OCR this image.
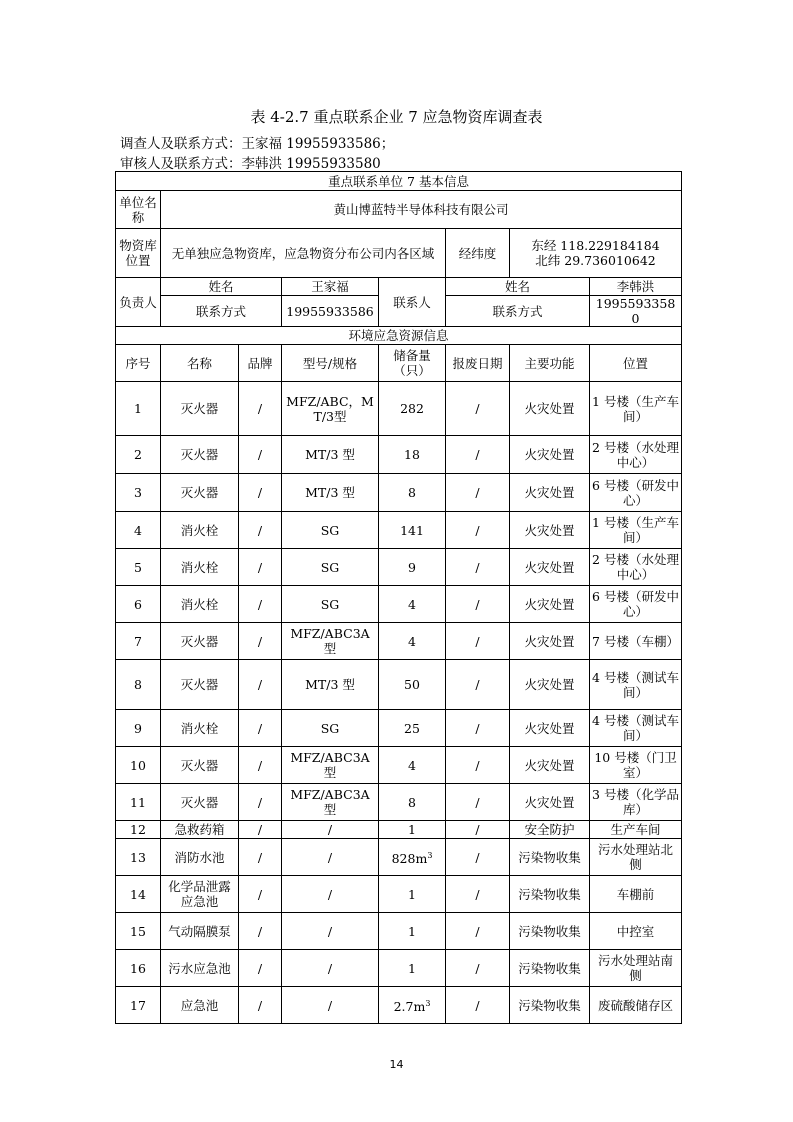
表 4-2.7 重点联系企业 7 应急物资库调查表
调查人及联系方式：王家福 19955933586；
审核人及联系方式：李韩洪 19955933580
重点联系单位 7 基本信息							
单位名称	黄山博蓝特半导体科技有限公司						
物资库位置	无单独应急物资库，应急物资分布公司内各区域				经纬度	东经 118.229184184
北纬 29.736010642	

负责人	姓名		王家福	联系人	姓名		李韩洪
	联系方式		19955933586		联系方式		19955933580
环境应急资源信息							
序号	名称	品牌	型号/规格	储备量（只）	报废日期	主要功能	位置
1	灭火器	/	MFZ/ABC，MT/3型	282	/	火灾处置	1 号楼（生产车间）
2	灭火器	/	MT/3 型	18	/	火灾处置	2 号楼（水处理中心）
3	灭火器	/	MT/3 型	8	/	火灾处置	6 号楼（研发中心）
4	消火栓	/	SG	141	/	火灾处置	1 号楼（生产车间）
5	消火栓	/	SG	9	/	火灾处置	2 号楼（水处理中心）
6	消火栓	/	SG	4	/	火灾处置	6 号楼（研发中心）
7	灭火器	/	MFZ/ABC3A 型	4	/	火灾处置	7 号楼（车棚）
8	灭火器	/	MT/3 型	50	/	火灾处置	4 号楼（测试车间）
9	消火栓	/	SG	25	/	火灾处置	4 号楼（测试车间）
10	灭火器	/	MFZ/ABC3A 型	4	/	火灾处置	10 号楼（门卫室）
11	灭火器	/	MFZ/ABC3A 型	8	/	火灾处置	3 号楼（化学品库）
12	急救药箱	/	/	1	/	安全防护	生产车间
13	消防水池	/	/	$828m^3$	/	污染物收集	污水处理站北侧
14	化学品泄露应急池	/	/	1	/	污染物收集	车棚前
15	气动隔膜泵	/	/	1	/	污染物收集	中控室
16	污水应急池	/	/	1	/	污染物收集	污水处理站南侧
17	应急池	/	/	$2.7m^3$	/	污染物收集	废硫酸储存区
14
